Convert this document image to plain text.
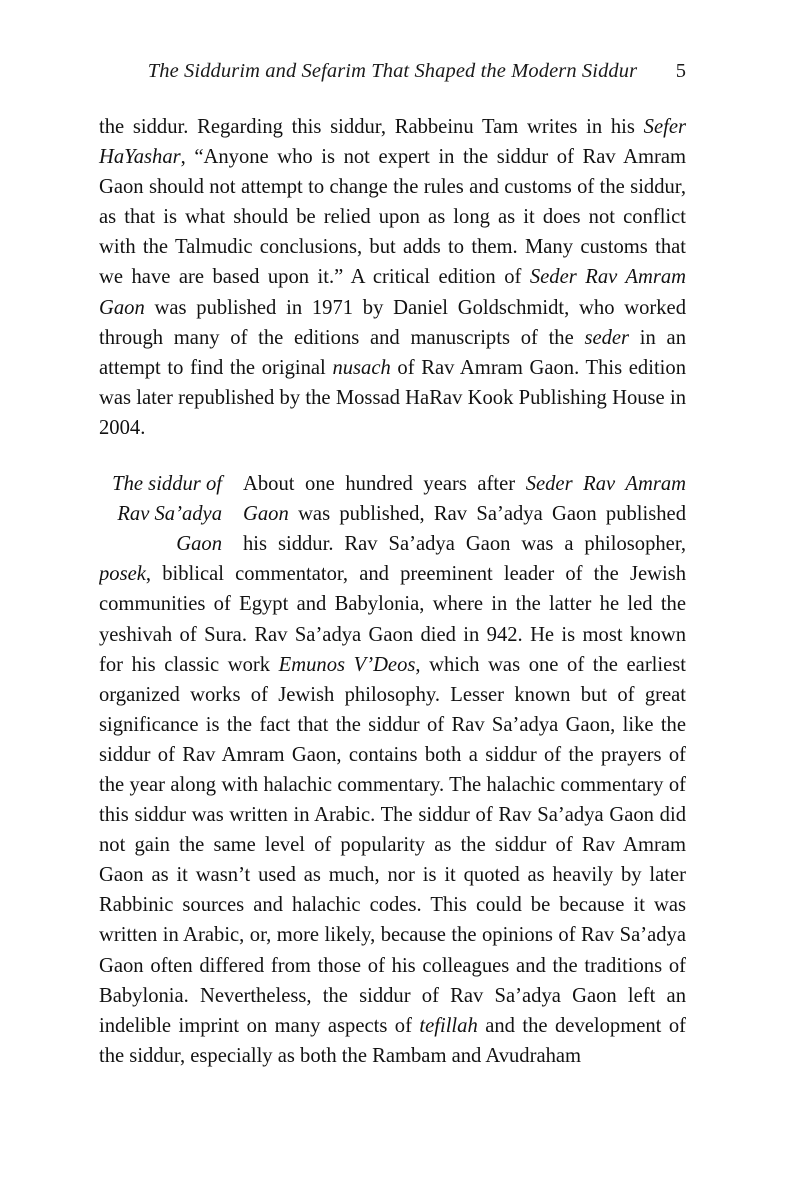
The Siddurim and Sefarim That Shaped the Modern Siddur 5

the siddur. Regarding this siddur, Rabbeinu Tam writes in his Sefer HaYashar, “Anyone who is not expert in the siddur of Rav Amram Gaon should not attempt to change the rules and customs of the siddur, as that is what should be relied upon as long as it does not conflict with the Talmudic conclusions, but adds to them. Many customs that we have are based upon it.” A critical edition of Seder Rav Amram Gaon was published in 1971 by Daniel Goldschmidt, who worked through many of the editions and manuscripts of the seder in an attempt to find the original nusach of Rav Amram Gaon. This edition was later republished by the Mossad HaRav Kook Publishing House in 2004.

The siddur of
Rav Sa’adya
Gaon
About one hundred years after Seder Rav Amram Gaon was published, Rav Sa’adya Gaon published his siddur. Rav Sa’adya Gaon was a philosopher, posek, biblical commentator, and preeminent leader of the Jewish communities of Egypt and Babylonia, where in the latter he led the yeshivah of Sura. Rav Sa’adya Gaon died in 942. He is most known for his classic work Emunos V’Deos, which was one of the earliest organized works of Jewish philosophy. Lesser known but of great significance is the fact that the siddur of Rav Sa’adya Gaon, like the siddur of Rav Amram Gaon, contains both a siddur of the prayers of the year along with halachic commentary. The halachic commentary of this siddur was written in Arabic. The siddur of Rav Sa’adya Gaon did not gain the same level of popularity as the siddur of Rav Amram Gaon as it wasn’t used as much, nor is it quoted as heavily by later Rabbinic sources and halachic codes. This could be because it was written in Arabic, or, more likely, because the opinions of Rav Sa’adya Gaon often differed from those of his colleagues and the traditions of Babylonia. Nevertheless, the siddur of Rav Sa’adya Gaon left an indelible imprint on many aspects of tefillah and the development of the siddur, especially as both the Rambam and Avudraham
